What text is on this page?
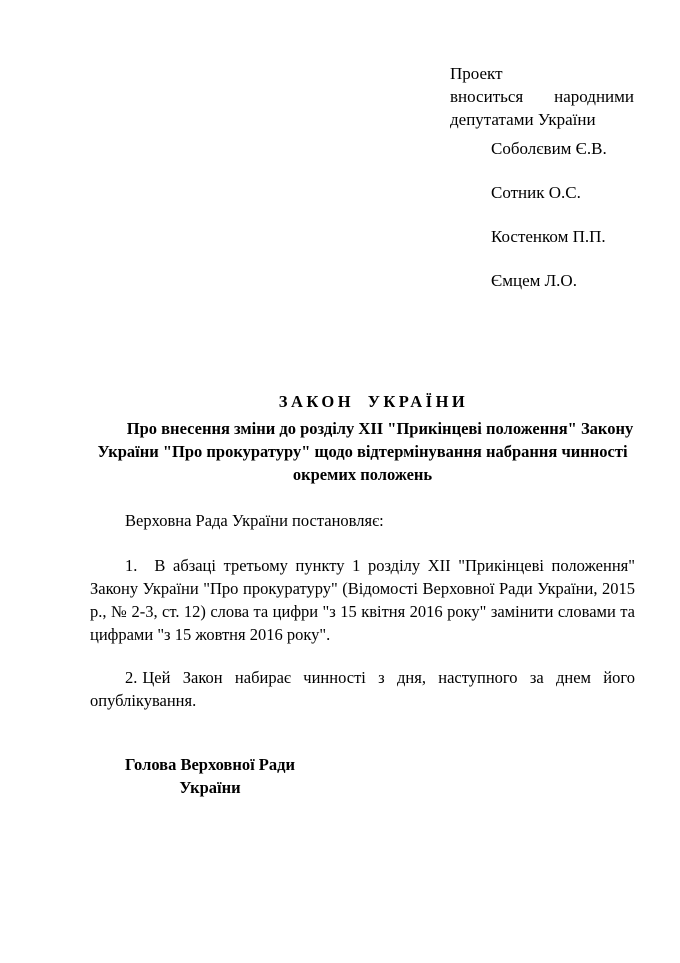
Проект
вноситься народними
депутатами України
Соболєвим Є.В.
Сотник О.С.
Костенком П.П.
Ємцем Л.О.
ЗАКОН УКРАЇНИ
Про внесення зміни до розділу XII "Прикінцеві положення" Закону України "Про прокуратуру" щодо відтермінування набрання чинності окремих положень

Верховна Рада України постановляє:

1. В абзаці третьому пункту 1 розділу XII "Прикінцеві положення" Закону України "Про прокуратуру" (Відомості Верховної Ради України, 2015 р., № 2-3, ст. 12) слова та цифри "з 15 квітня 2016 року" замінити словами та цифрами "з 15 жовтня 2016 року".

2. Цей Закон набирає чинності з дня, наступного за днем його опублікування.

Голова Верховної Ради
України
